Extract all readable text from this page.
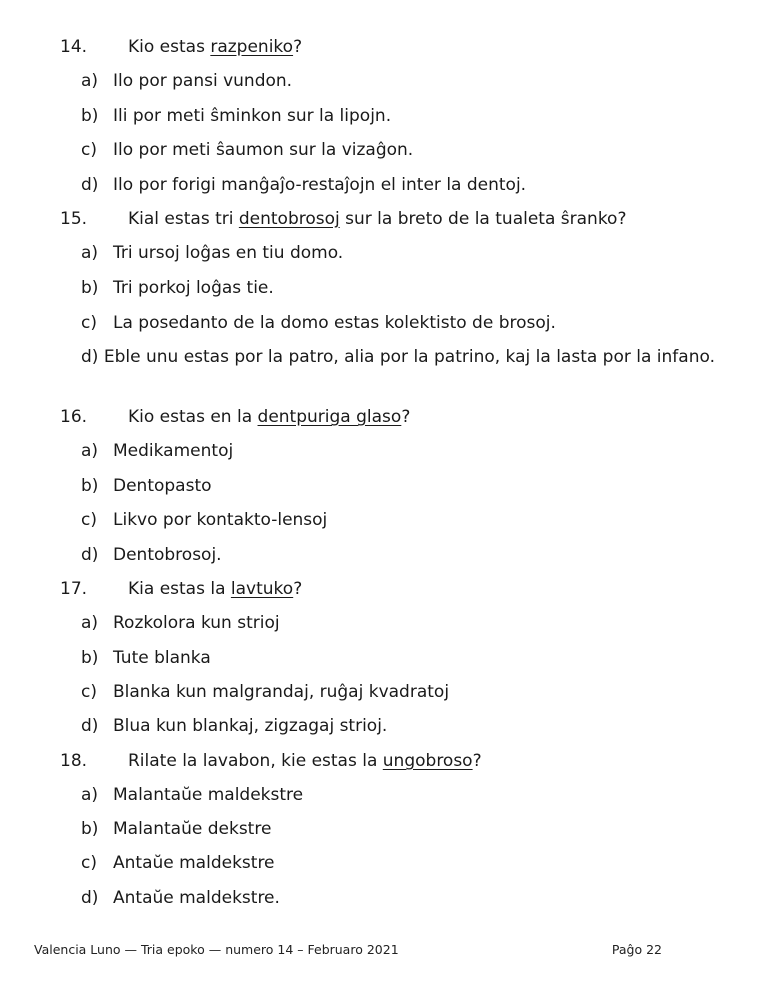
14. Kio estas razpeniko?
a) Ilo por pansi vundon.
b) Ili por meti ŝminkon sur la lipojn.
c) Ilo por meti ŝaumon sur la vizaĝon.
d) Ilo por forigi manĝaĵo-restaĵojn el inter la dentoj.
15. Kial estas tri dentobrosoj sur la breto de la tualeta ŝranko?
a) Tri ursoj loĝas en tiu domo.
b) Tri porkoj loĝas tie.
c) La posedanto de la domo estas kolektisto de brosoj.
d) Eble unu estas por la patro, alia por la patrino, kaj la lasta por la infano.
16. Kio estas en la dentpuriga glaso?
a) Medikamentoj
b) Dentopasto
c) Likvo por kontakto-lensoj
d) Dentobrosoj.
17. Kia estas la lavtuko?
a) Rozkolora kun strioj
b) Tute blanka
c) Blanka kun malgrandaj, ruĝaj kvadratoj
d) Blua kun blankaj, zigzagaj strioj.
18. Rilate la lavabon, kie estas la ungobroso?
a) Malantaŭe maldekstre
b) Malantaŭe dekstre
c) Antaŭe maldekstre
d) Antaŭe maldekstre.
Valencia Luno — Tria epoko — numero 14 – Februaro 2021	Paĝo 22
